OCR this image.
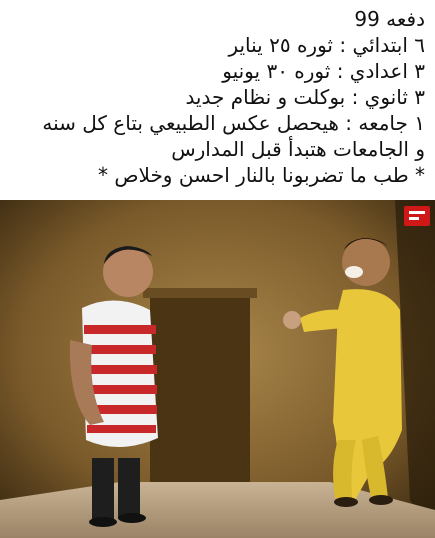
دفعه 99
٦ ابتدائي : ثوره ٢٥ يناير
٣ اعدادي : ثوره ٣٠ يونيو
٣ ثانوي : بوكلت و نظام جديد
١ جامعه : هيحصل عكس الطبيعي بتاع كل سنه
و الجامعات هتبدأ قبل المدارس
* طب ما تضربونا بالنار احسن وخلاص *
